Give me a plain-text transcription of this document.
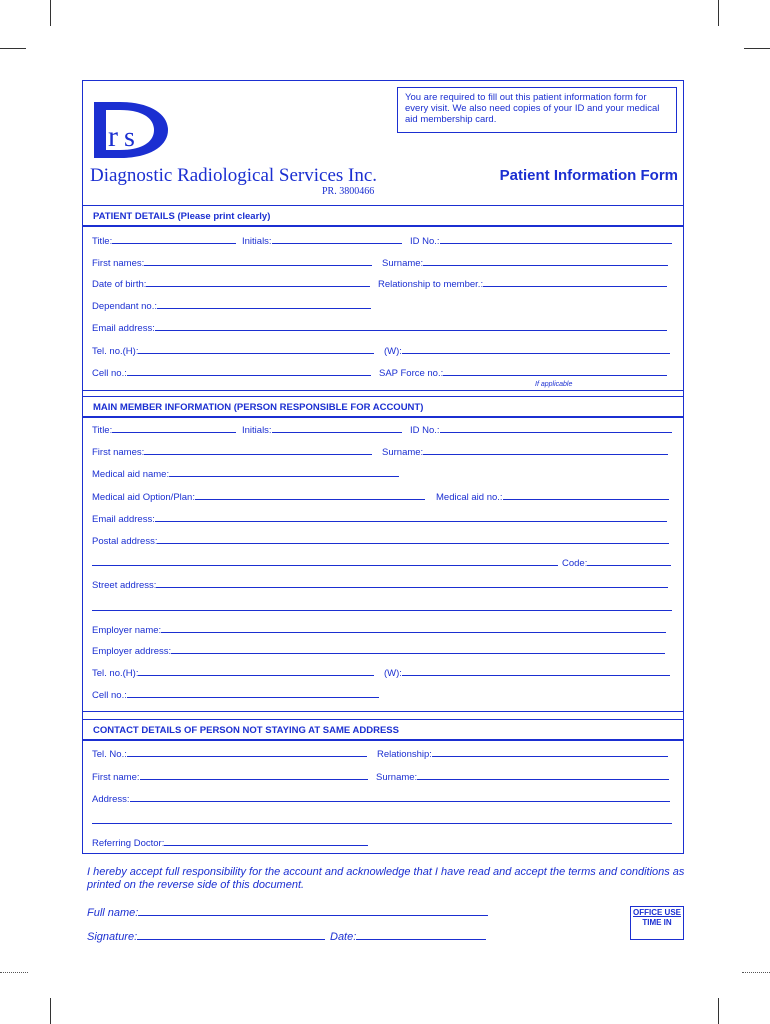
r s
Diagnostic Radiological Services Inc.
PR. 3800466
You are required to fill out this patient information form for every visit. We also need copies of your ID and your medical aid membership card.
Patient Information Form
PATIENT DETAILS (Please print clearly)
Title:	Initials:	ID No.:
First names:	Surname:
Date of birth:	Relationship to member.:
Dependant no.:
Email address:
Tel. no.(H):	(W):
Cell no.:	SAP Force no.:
If applicable
MAIN MEMBER INFORMATION (PERSON RESPONSIBLE FOR ACCOUNT)
Title:	Initials:	ID No.:
First names:	Surname:
Medical aid name:
Medical aid Option/Plan:	Medical aid no.:
Email address:
Postal address:
Code:
Street address:
Employer name:
Employer address:
Tel. no.(H):	(W):
Cell no.:
CONTACT DETAILS OF PERSON NOT STAYING AT SAME ADDRESS
Tel. No.:	Relationship:
First name:	Surname:
Address:
Referring Doctor:
I hereby accept full responsibility for the account and acknowledge that I have read and accept the terms and conditions as printed on the reverse side of this document.
Full name:
Signature:	Date:
OFFICE USE
TIME IN
